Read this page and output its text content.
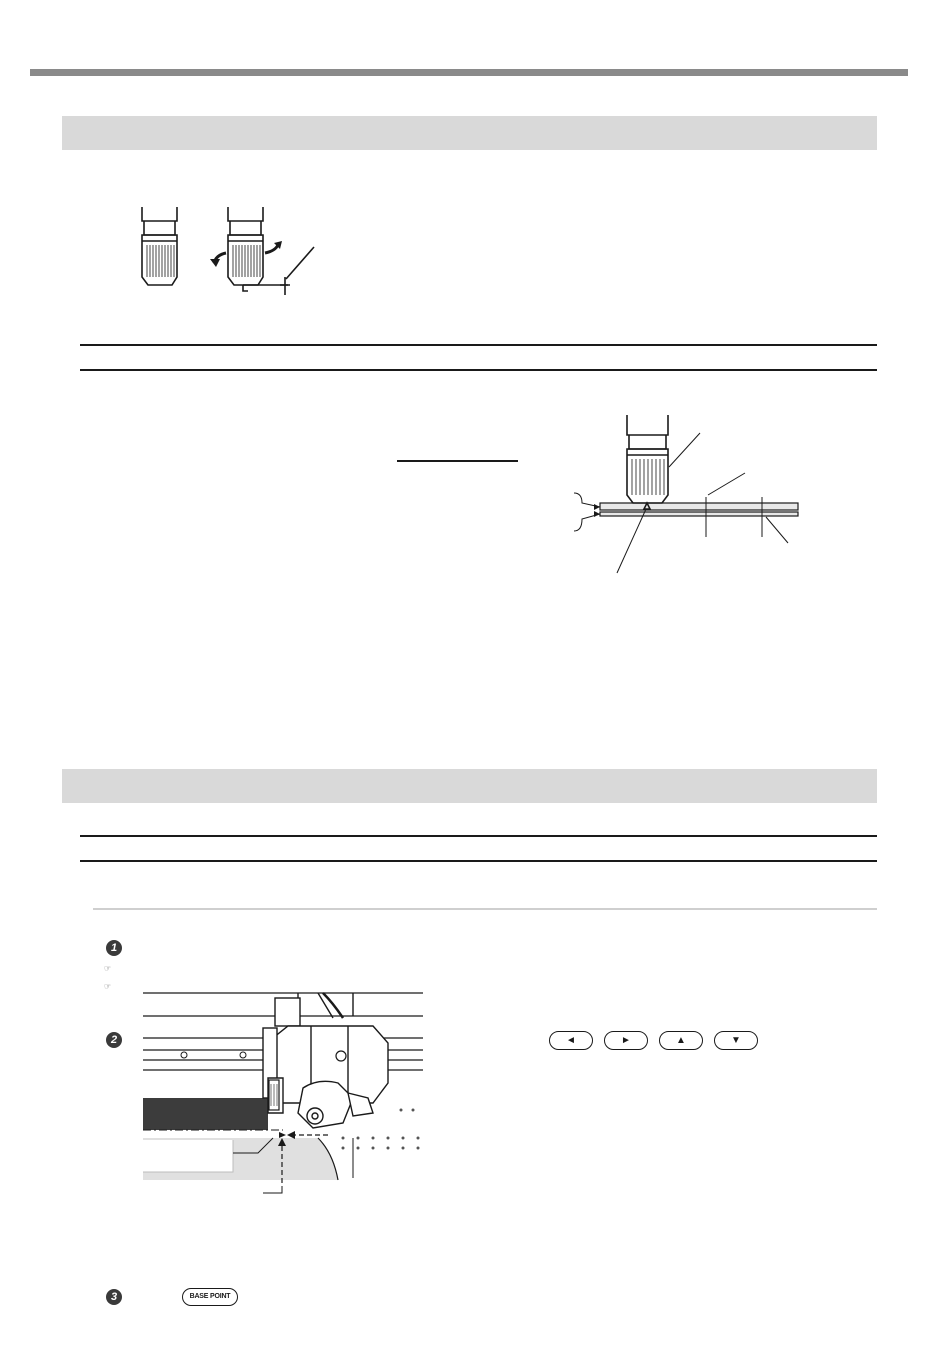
1
☞
☞
2
3
◄	►	▲	▼
BASE POINT
